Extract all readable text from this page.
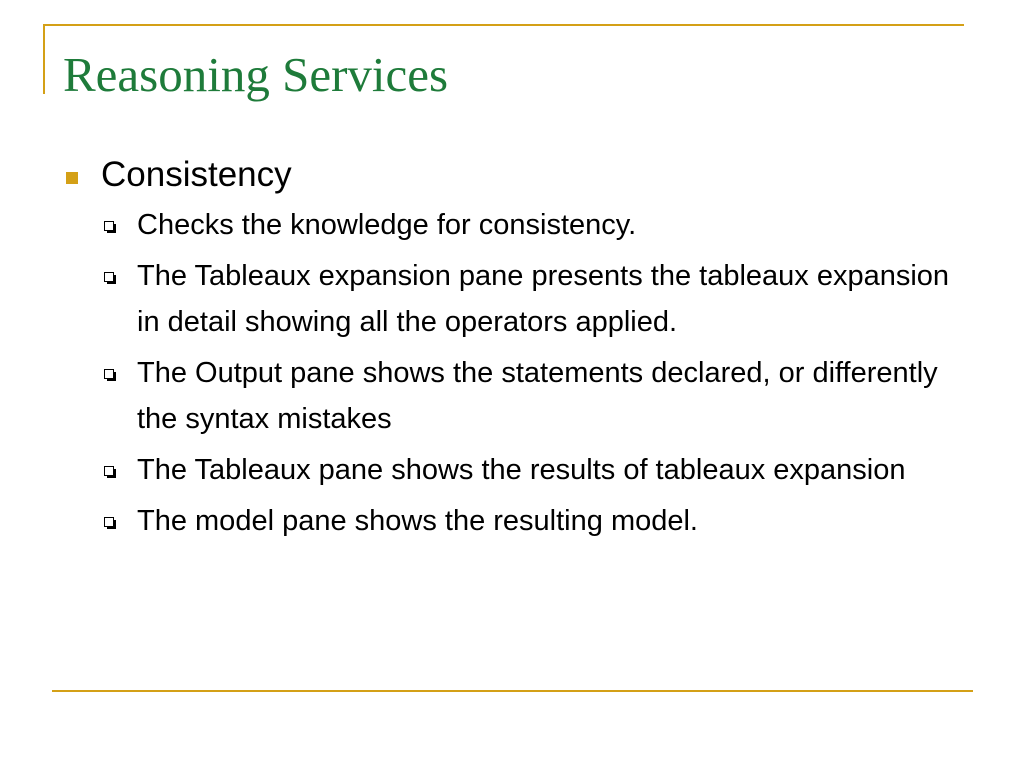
Reasoning Services
Consistency
Checks the knowledge for consistency.
The Tableaux expansion pane presents the tableaux expansion in detail showing all the operators applied.
The Output pane shows the statements declared, or differently the syntax mistakes
The Tableaux pane shows the results of tableaux expansion
The model pane shows the resulting model.
